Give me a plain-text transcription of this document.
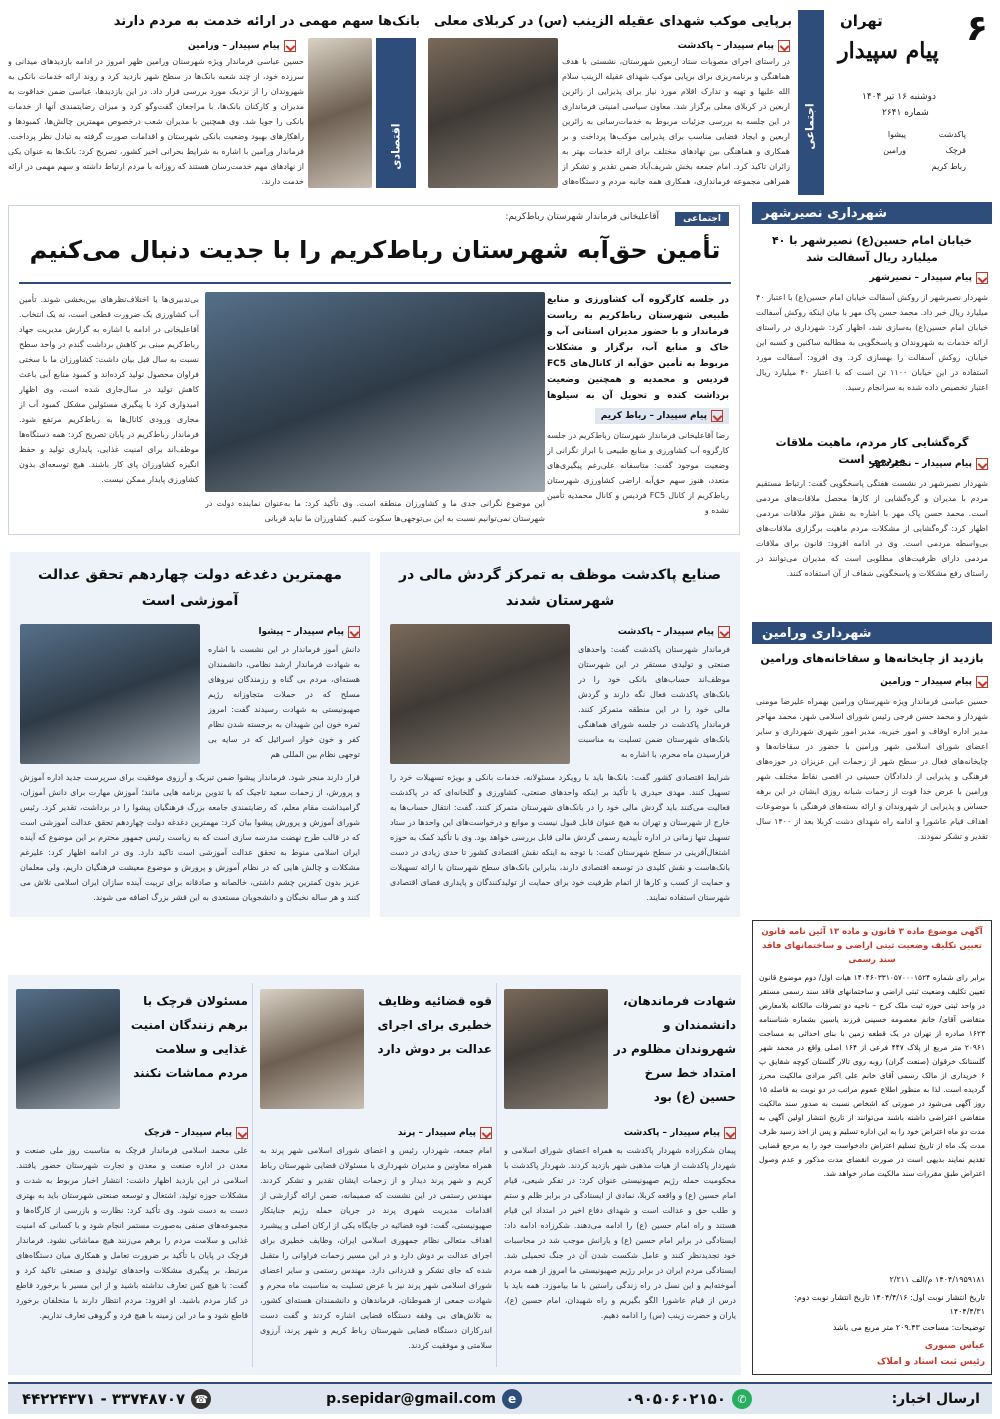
۶
تهران
پیام سپیدار
دوشنبه ۱۶ تیر ۱۴۰۴
شماره ۲۶۴۱
پاکدشت
پیشوا
قرچک
ورامین
رباط کریم
اجتماعی
برپایی موکب شهدای عقیله الزینب (س) در کربلای معلی
پیام سپیدار – پاکدشت
در راستای اجرای مصوبات ستاد اربعین شهرستان، نشستی با هدف هماهنگی و برنامه‌ریزی برای برپایی موکب شهدای عقیله الزینب سلام الله علیها و تهیه و تدارک اقلام مورد نیاز برای پذیرایی از زائرین اربعین در کربلای معلی برگزار شد. معاون سیاسی امنیتی فرمانداری در این جلسه به بررسی جزئیات مربوط به خدمات‌رسانی به زائرین اربعین و ایجاد فضایی مناسب برای پذیرایی موکب‌ها پرداخت و بر همکاری و هماهنگی بین نهادهای مختلف برای ارائه خدمات بهتر به زائران تاکید کرد. امام جمعه بخش شریف‌آباد ضمن تقدیر و تشکر از همراهی مجموعه فرمانداری، همکاری همه جانبه مردم و دستگاه‌های
بانک‌ها سهم مهمی در ارائه خدمت به مردم دارند
اقتصادی
پیام سپیدار – ورامین
حسین عباسی فرماندار ویژه شهرستان ورامین ظهر امروز در ادامه بازدیدهای میدانی و سرزده خود، از چند شعبه بانک‌ها در سطح شهر بازدید کرد و روند ارائه خدمات بانکی به شهروندان را از نزدیک مورد بررسی قرار داد. در این بازدیدها، عباسی ضمن خداقوت به مدیران و کارکنان بانک‌ها، با مراجعان گفت‌وگو کرد و میزان رضایتمندی آنها از خدمات بانکی را جویا شد. وی همچنین با مدیران شعب درخصوص مهمترین چالش‌ها، کمبودها و راهکارهای بهبود وضعیت بانکی شهرستان و اقدامات صورت گرفته به تبادل نظر پرداخت. فرماندار ورامین با اشاره به شرایط بحرانی اخیر کشور، تصریح کرد: بانک‌ها به عنوان یکی از نهادهای مهم خدمت‌رسان هستند که روزانه با مردم ارتباط داشته و سهم مهمی در ارائه خدمت دارند.
شهرداری نصیرشهر
خیابان امام حسین(ع) نصیرشهر با ۴۰ میلیارد ریال آسفالت شد
پیام سپیدار – نصیرشهر
شهردار نصیرشهر از روکش آسفالت خیابان امام حسین(ع) با اعتبار ۴۰ میلیارد ریال خبر داد. محمد حسن پاک مهر با بیان اینکه روکش آسفالت خیابان امام حسین(ع) به‌سازی شد، اظهار کرد: شهرداری در راستای ارائه خدمات به شهروندان و پاسخگویی به مطالبه ساکنین و کسبه این خیابان، روکش آسفالت را بهسازی کرد. وی افزود: آسفالت مورد استفاده در این خیابان ۱۱۰۰ تن است که با اعتبار ۴۰ میلیارد ریال اعتبار تخصیص داده شده به سرانجام رسید.
گره‌گشایی کار مردم، ماهیت ملاقات مردمی است
پیام سپیدار – نصیرشهر
شهردار نصیرشهر در نشست هفتگی پاسخگویی گفت: ارتباط مستقیم مردم با مدیران و گره‌گشایی از کارها محصل ملاقات‌های مردمی است. محمد حسن پاک مهر با اشاره به نقش مؤثر ملاقات مردمی اظهار کرد: گره‌گشایی از مشکلات مردم ماهیت برگزاری ملاقات‌های بی‌واسطه مردمی است. وی در ادامه افزود: قانون برای ملاقات مردمی دارای ظرفیت‌های مطلوبی است که مدیران می‌توانند در راستای رفع مشکلات و پاسخگویی شفاف از آن استفاده کنند.
شهرداری ورامین
بازدید از چایخانه‌ها و سقاخانه‌های ورامین
پیام سپیدار – ورامین
حسین عباسی فرماندار ویژه شهرستان ورامین بهمراه علیرضا مومنی شهردار و محمد حسن فرجی رئیس شورای اسلامی شهر، محمد مهاجر مدیر اداره اوقاف و امور خیریه، مدیر امور شهری شهرداری و سایر اعضای شورای اسلامی شهر ورامین با حضور در سقاخانه‌ها و چایخانه‌های فعال در سطح شهر از زحمات این عزیزان در حوزه‌های فرهنگی و پذیرایی از دلدادگان حسینی در اقصی نقاط مختلف شهر ورامین با عرض خدا قوت از زحمات شبانه روزی ایشان در این برهه حساس و پذیرایی از شهروندان و ارائه بسته‌های فرهنگی با موضوعات اهداف قیام عاشورا و ادامه راه شهدای دشت کربلا بعد از ۱۴۰۰ سال تقدیر و تشکر نمودند.
اجتماعی
آقاعلیخانی فرماندار شهرستان رباط‌کریم:
تأمین حق‌آبه شهرستان رباط‌کریم را با جدیت دنبال می‌کنیم
در جلسه کارگروه آب کشاورزی و منابع طبیعی شهرستان رباط‌کریم به ریاست فرماندار و با حضور مدیران استانی آب و خاک و منابع آب، برگزار و مشکلات مربوط به تأمین حق‌آبه از کانال‌های FC5 فردیس و محمدیه و همچنین وضعیت برداشت کنده و تحویل آن به سیلوها
پیام سپیدار – رباط کریم
رضا آقاعلیخانی فرماندار شهرستان رباط‌کریم در جلسه کارگروه آب کشاورزی و منابع طبیعی با ابراز نگرانی از وضعیت موجود گفت: متاسفانه علی‌رغم پیگیری‌های متعدد، هنوز سهم حق‌آبه اراضی کشاورزی شهرستان رباط‌کریم از کانال FC5 فردیس و کانال محمدیه تأمین نشده و
این موضوع نگرانی جدی ما و کشاورزان منطقه است. وی تأکید کرد: ما به‌عنوان نماینده دولت در شهرستان نمی‌توانیم نسبت به این بی‌توجهی‌ها سکوت کنیم. کشاورزان ما نباید قربانی
بی‌تدبیری‌ها یا اختلاف‌نظرهای بین‌بخشی شوند. تأمین آب کشاورزی یک ضرورت قطعی است، نه یک انتخاب. آقاعلیخانی در ادامه با اشاره به گزارش مدیریت جهاد رباط‌کریم مبنی بر کاهش برداشت گندم در واحد سطح نسبت به سال قبل بیان داشت: کشاورزان ما با سختی فراوان محصول تولید کرده‌اند و کمبود منابع آبی باعث کاهش تولید در سال‌جاری شده است، وی اظهار امیدواری کرد با پیگیری مسئولین مشکل کمبود آب از مجاری ورودی کانال‌ها به رباط‌کریم مرتفع شود. فرماندار رباط‌کریم در پایان تصریح کرد: همه دستگاه‌ها موظف‌اند برای امنیت غذایی، پایداری تولید و حفظ انگیزه کشاورزان پای کار باشند. هیچ توسعه‌ای بدون کشاورزی پایدار ممکن نیست.
صنایع پاکدشت موظف به تمرکز گردش مالی در شهرستان شدند
پیام سپیدار – پاکدشت
فرماندار شهرستان پاکدشت گفت: واحدهای صنعتی و تولیدی مستقر در این شهرستان موظف‌اند حساب‌های بانکی خود را در بانک‌های پاکدشت فعال نگه دارند و گردش مالی خود را در این منطقه متمرکز کنند. فرماندار پاکدشت در جلسه شورای هماهنگی بانک‌های شهرستان ضمن تسلیت به مناسبت فرارسیدن ماه محرم، با اشاره به
شرایط اقتصادی کشور گفت: بانک‌ها باید با رویکرد مسئولانه، خدمات بانکی و بویژه تسهیلات خرد را تسهیل کنند. مهدی حیدری با تأکید بر اینکه واحدهای صنعتی، کشاورزی و گلخانه‌ای که در پاکدشت فعالیت می‌کنند باید گردش مالی خود را در بانک‌های شهرستان متمرکز کنند، گفت: انتقال حساب‌ها به خارج از شهرستان و تهران به هیچ عنوان قابل قبول نیست و موانع و درخواست‌های این واحدها در ستاد تسهیل تنها زمانی در اداره تأییدیه رسمی گردش مالی قابل بررسی خواهد بود. وی با تأکید کمک به حوزه اشتغال‌آفرینی در سطح شهرستان گفت: با توجه به اینکه نقش اقتصادی کشور تا حدی زیادی در دست بانک‌هاست و نقش کلیدی در توسعه اقتصادی دارند، بنابراین بانک‌های سطح شهرستان با ارائه تسهیلات و حمایت از کسب و کارها از اتمام ظرفیت خود برای حمایت از تولیدکنندگان و پایداری فضای اقتصادی شهرستان استفاده نمایند.
مهمترین دغدغه دولت چهاردهم تحقق عدالت آموزشی است
پیام سپیدار – پیشوا
دانش آموز فرماندار در این نشست با اشاره به شهادت فرماندار ارشد نظامی، دانشمندان هسته‌ای، مردم بی گناه و رزمندگان نیروهای مسلح که در حملات متجاوزانه رژیم صهیونیستی به شهادت رسیدند گفت: امروز ثمره خون این شهیدان به برجسته شدن نظام کفر و خون خوار اسرائیل که در سایه بی توجهی نظام بین المللی هم
قرار دارند منجر شود. فرماندار پیشوا ضمن تبریک و آرزوی موفقیت برای سرپرست جدید اداره آموزش و پرورش، از زحمات سعید تاجیک که با تدوین برنامه هایی مانند؛ آموزش مهارت برای دانش آموزان، گرامیداشت مقام معلم، که رضایتمندی جامعه بزرگ فرهنگیان پیشوا را در برداشت، تقدیر کرد. رئیس شورای آموزش و پرورش پیشوا بیان کرد: مهمترین دغدغه دولت چهاردهم تحقق عدالت آموزشی است که در قالب طرح نهضت مدرسه سازی است که به ریاست رئیس جمهور محترم بر این موضوع که آینده ایران اسلامی منوط به تحقق عدالت آموزشی است تاکید دارد. وی در ادامه اظهار کرد: علیرغم مشکلات و چالش هایی که در نظام آموزش و پرورش و موضوع معیشت فرهنگیان داریم، ولی معلمان عزیز بدون کمترین چشم داشتی، خالصانه و صادقانه برای تربیت آینده سازان ایران اسلامی تلاش می کنند و هر ساله نخبگان و دانشجویان مستعدی به این قشر بزرگ اضافه می شوند.
آگهی موضوع ماده ۳ قانون و ماده ۱۳ آئین نامه قانون تعیین تکلیف وضعیت ثبتی اراضی و ساختمانهای فاقد سند رسمی
برابر رای شماره ۱۴۰۴۶۰۳۳۱۰۵۷۰۰۰۱۵۲۴ هیات اول/ دوم موضوع قانون تعیین تکلیف وضعیت ثبتی اراضی و ساختمانهای فاقد سند رسمی مستقر در واحد ثبتی حوزه ثبت ملک کرج – ناحیه دو تصرفات مالکانه بلامعارض متقاضی آقای/ خانم معصومه حسینی فرزند یاسین بشماره شناسنامه ۱۶۲۳ صادره از تهران در یک قطعه زمین با بنای احداثی به مساحت ۲۰۹۶۱ متر مربع از پلاک ۴۴۷ فرعی از ۱۶۴ اصلی واقع در محمد شهر گلستانک خرقوان (صنعت گران) روبه روی تالار گلستان کوچه شقایق پ ۶ خریداری از مالک رسمی آقای خانم علی اکبر مرادی مالکیت محرز گردیده است. لذا به منظور اطلاع عموم مراتب در دو نوبت به فاصله ۱۵ روز آگهی می‌شود در صورتی که اشخاص نسبت به صدور سند مالکیت متقاضی اعتراضی داشته باشند می‌توانند از تاریخ انتشار اولین آگهی به مدت دو ماه اعتراض خود را به این اداره تسلیم و پس از اخذ رسید ظرف مدت یک ماه از تاریخ تسلیم اعتراض دادخواست خود را به مرجع قضایی تقدیم نمایند بدیهی است در صورت انقضای مدت مذکور و عدم وصول اعتراض طبق مقررات سند مالکیت صادر خواهد شد.
۱۴۰۴/۱۹۵۹۱۸۱ م/الف ۲/۲۱۱
تاریخ انتشار نوبت اول: ۱۴۰۴/۴/۱۶ تاریخ انتشار نوبت دوم: ۱۴۰۴/۴/۳۱
توضیحات: مساحت ۲۰۹.۴۳ متر مربع می باشد
عباس صبوری
رئیس ثبت اسناد و املاک
شهادت فرماندهان، دانشمندان و شهروندان مظلوم در امتداد خط سرخ حسین (ع) بود
پیام سپیدار – پاکدشت
پیمان شکرزاده شهردار پاکدشت به همراه اعضای شورای اسلامی و شهردار پاکدشت از هیات مذهبی شهر بازدید کردند. شهردار پاکدشت با محکومیت حمله رژیم صهیونیستی عنوان کرد: در تفکر شیعی، قیام امام حسین (ع) و واقعه کربلا، نمادی از ایستادگی در برابر ظلم و ستم و طلب حق و عدالت است و شهدای دفاع اخیر در امتداد این قیام هستند و راه امام حسین (ع) را ادامه می‌دهند. شکرزاده ادامه داد: ایستادگی در برابر امام حسین (ع) و یارانش موجب شد در محاسبات خود تجدیدنظر کنند و عامل شکست شدن آن در جنگ تحمیلی شد. ایستادگی مردم ایران در برابر رژیم صهیونیستی ما امروز از همه مردم آموخته‌ایم و این نسل در راه زندگی راستین با ما بیاموزد. همه باید با درس از قیام عاشورا الگو بگیریم و راه شهیدان، امام حسین (ع)، یاران و حضرت زینب (س) را ادامه دهیم.
قوه قضائیه وظایف خطیری برای اجرای عدالت بر دوش دارد
پیام سپیدار – پرند
امام جمعه، شهردار، رئیس و اعضای شورای اسلامی شهر پرند به همراه معاونین و مدیران شهرداری با مسئولان قضایی شهرستان رباط کریم و شهر پرند دیدار و از زحمات ایشان تقدیر و تشکر کردند. مهندس رستمی در این نشست که صمیمانه، ضمن ارائه گزارشی از اقدامات مدیریت شهری پرند در جریان حمله رژیم جنایتکار صهیونیستی، گفت: قوه قضائیه در جایگاه یکی از ارکان اصلی و پیشبرد اهداف متعالی نظام جمهوری اسلامی ایران، وظایف خطیری برای اجرای عدالت بر دوش دارد و در این مسیر زحمات فراوانی را متقبل شده که جای تشکر و قدردانی دارد. مهندس رستمی و سایر اعضای شورای اسلامی شهر پرند نیز با عرض تسلیت به مناسبت ماه محرم و شهادت جمعی از هموطنان، فرماندهان و دانشمندان هسته‌ای کشور، به تلاش‌های بی وقفه دستگاه قضایی اشاره کردند و گفت دست اندرکاران دستگاه قضایی شهرستان رباط کریم و شهر پرند، آرزوی سلامتی و موفقیت کردند.
مسئولان قرچک با برهم زنندگان امنیت غذایی و سلامت مردم مماشات نکنند
پیام سپیدار – قرچک
علی محمد اسلامی فرماندار قرچک به مناسبت روز ملی صنعت و معدن در اداره صنعت و معدن و تجارت شهرستان حضور یافتند. اسلامی در این بازدید اظهار داشت: انتشار اخبار مربوط به شدت و مشکلات حوزه تولید، اشتغال و توسعه صنعتی شهرستان باید به بهتری دست به دست شود. وی تأکید کرد: نظارت و بازرسی از کارگاه‌ها و مجموعه‌های صنفی به‌صورت مستمر انجام شود و با کسانی که امنیت غذایی و سلامت مردم را برهم می‌زنند هیچ مماشاتی نشود. فرماندار قرچک در پایان با تأکید بر ضرورت تعامل و همکاری میان دستگاه‌های مرتبط، بر پیگیری مشکلات واحدهای تولیدی و صنعتی تاکید کرد و گفت: با هیچ کس تعارف نداشته باشید و از این مسیر با برخورد قاطع در کنار مردم باشید. او افزود: مردم انتظار دارند با متخلفان برخورد قاطع شود و ما در این زمینه با هیچ فرد و گروهی تعارف نداریم.
ارسال اخبار:
✆
۰۹۰۵۰۶۰۲۱۵۰
e
p.sepidar@gmail.com
☎
۳۳۷۴۸۷۰۷ - ۴۴۲۲۴۳۷۱
